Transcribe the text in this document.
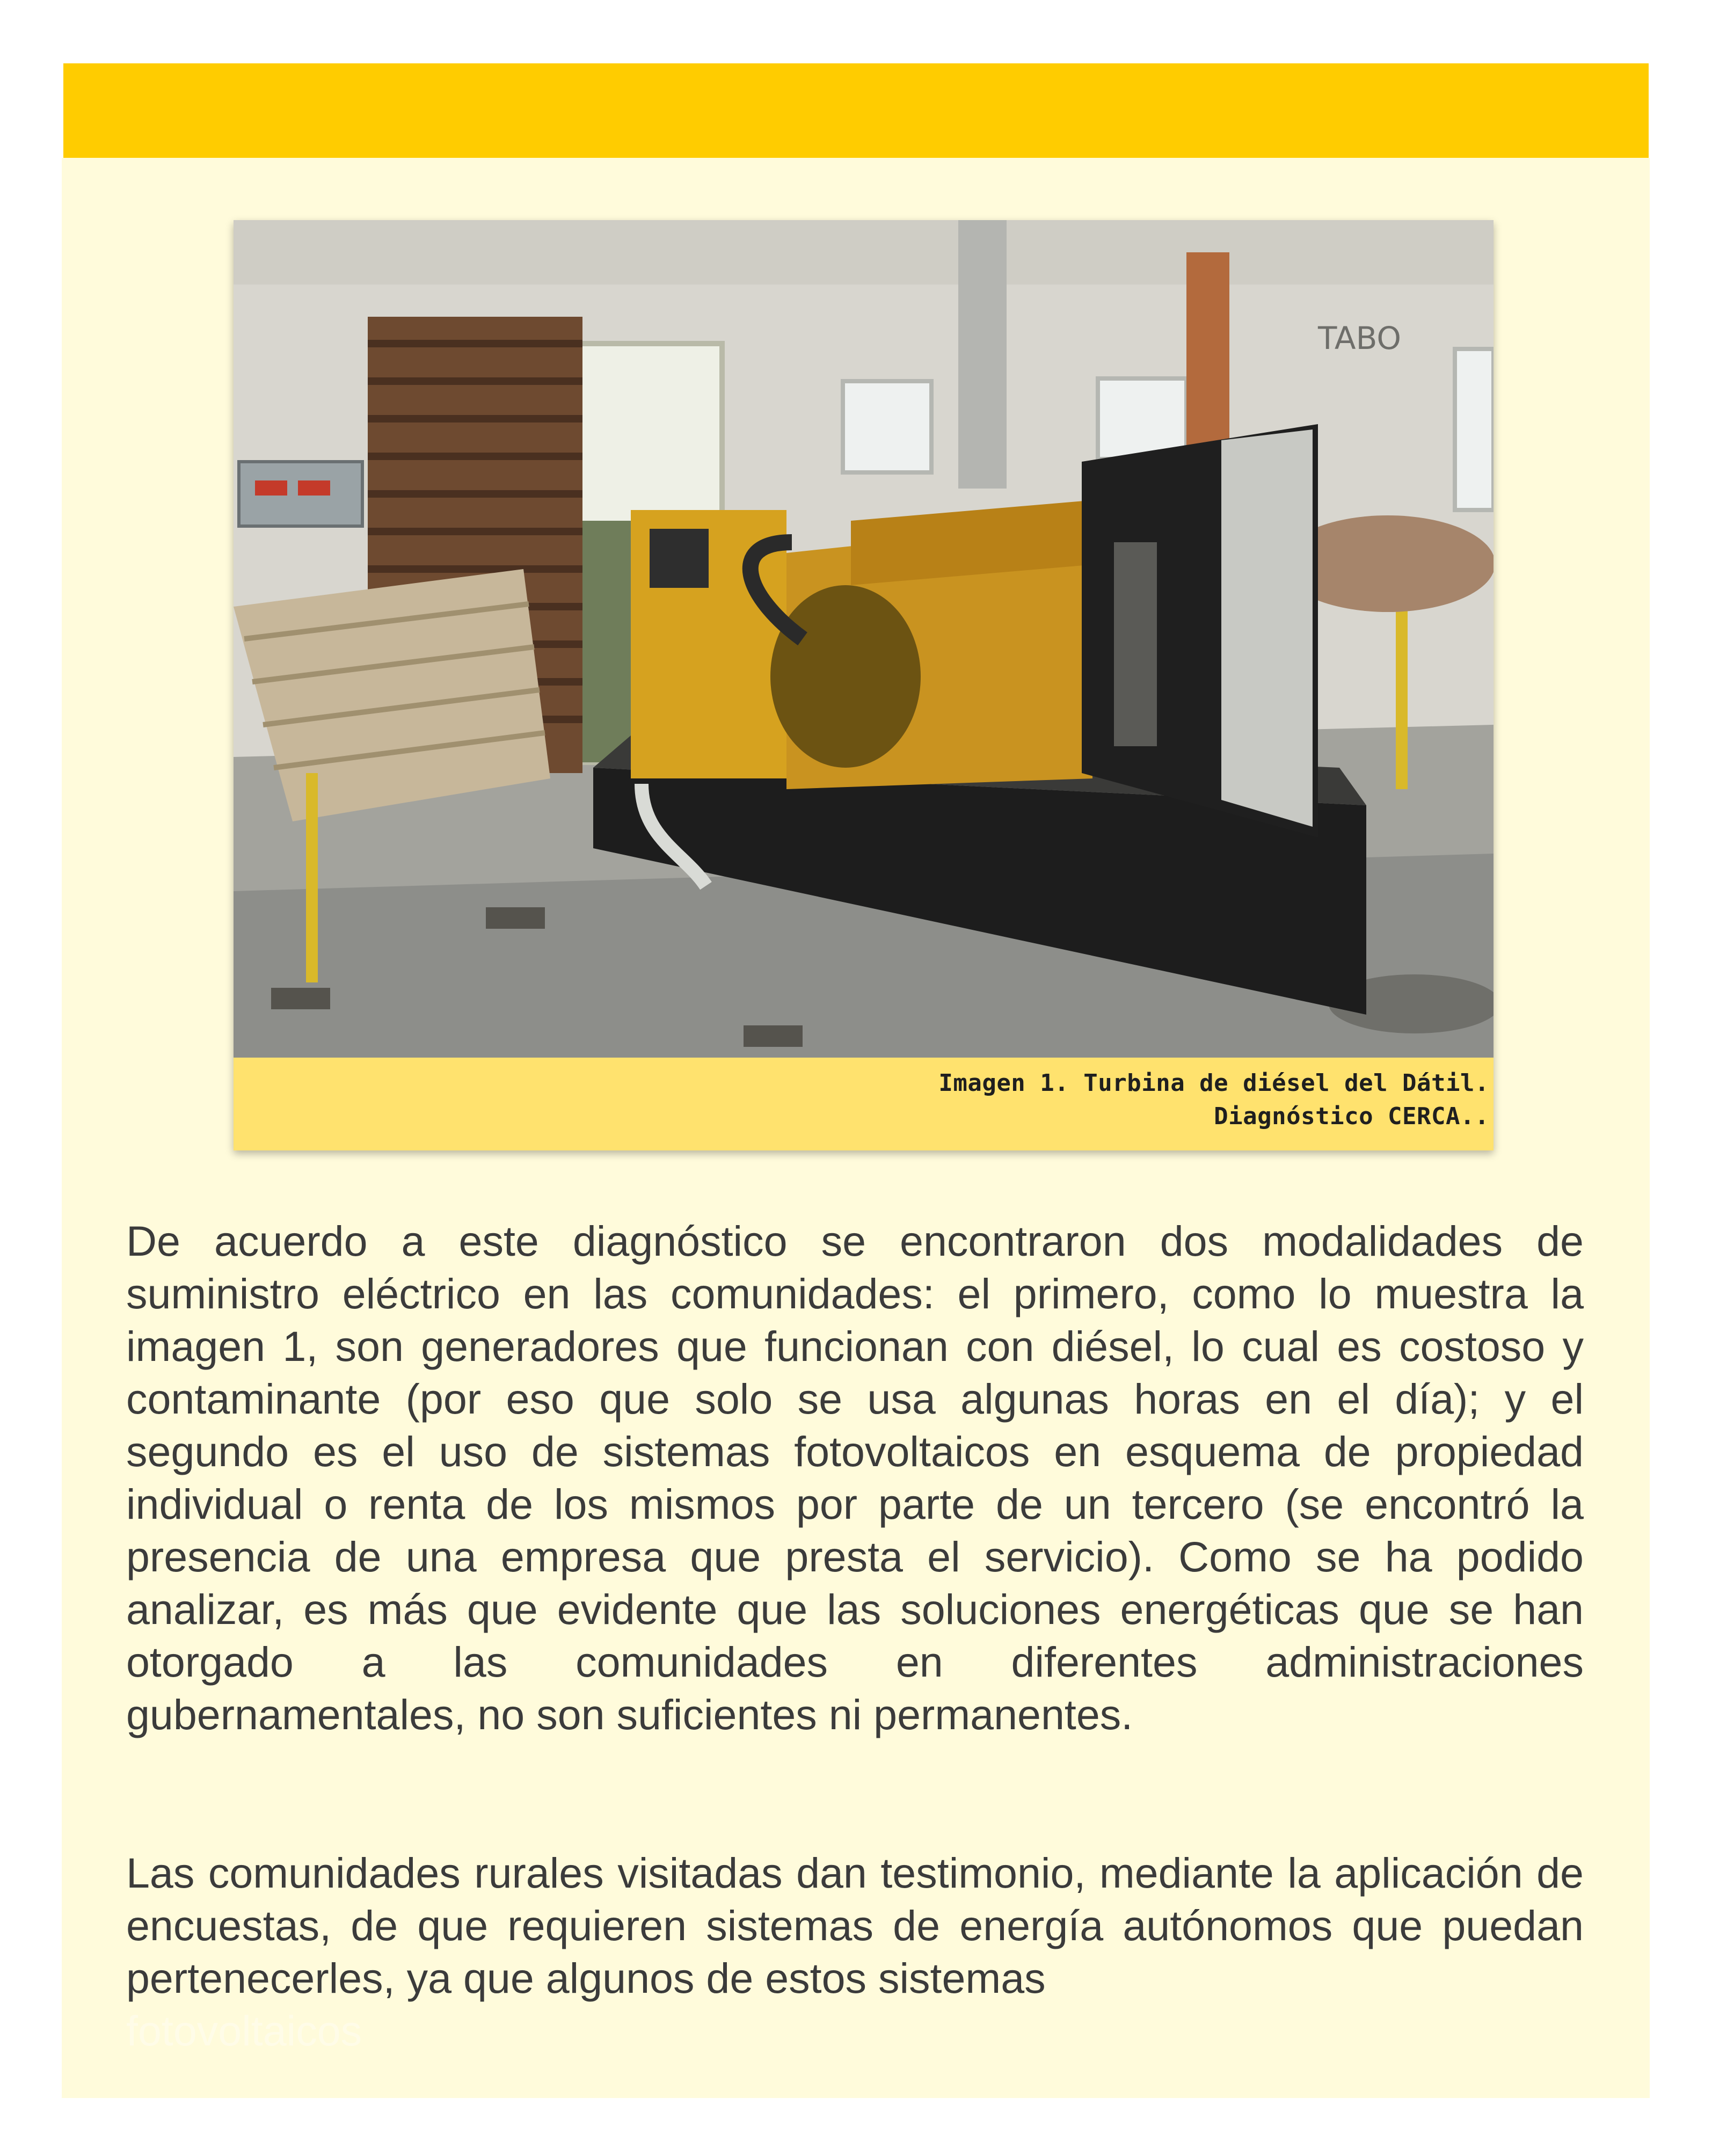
TABO
Imagen 1. Turbina de diésel del Dátil.
Diagnóstico CERCA..
De acuerdo a este diagnóstico se encontraron dos modalidades de suministro eléctrico en las comunidades: el primero, como lo muestra la imagen 1, son generadores que funcionan con diésel, lo cual es costoso y contaminante (por eso que solo se usa algunas horas en el día); y el segundo es el uso de sistemas fotovoltaicos en esquema de propiedad individual o renta de los mismos por parte de un tercero (se encontró la presencia de una empresa que presta el servicio). Como se ha podido analizar, es más que evidente que las soluciones energéticas que se han otorgado a las comunidades en diferentes administraciones gubernamentales, no son suficientes ni permanentes.
Las comunidades rurales visitadas dan testimonio, mediante la aplicación de encuestas, de que requieren sistemas de energía autónomos que puedan pertenecerles, ya que algunos de estos sistemas
fotovoltaicos
